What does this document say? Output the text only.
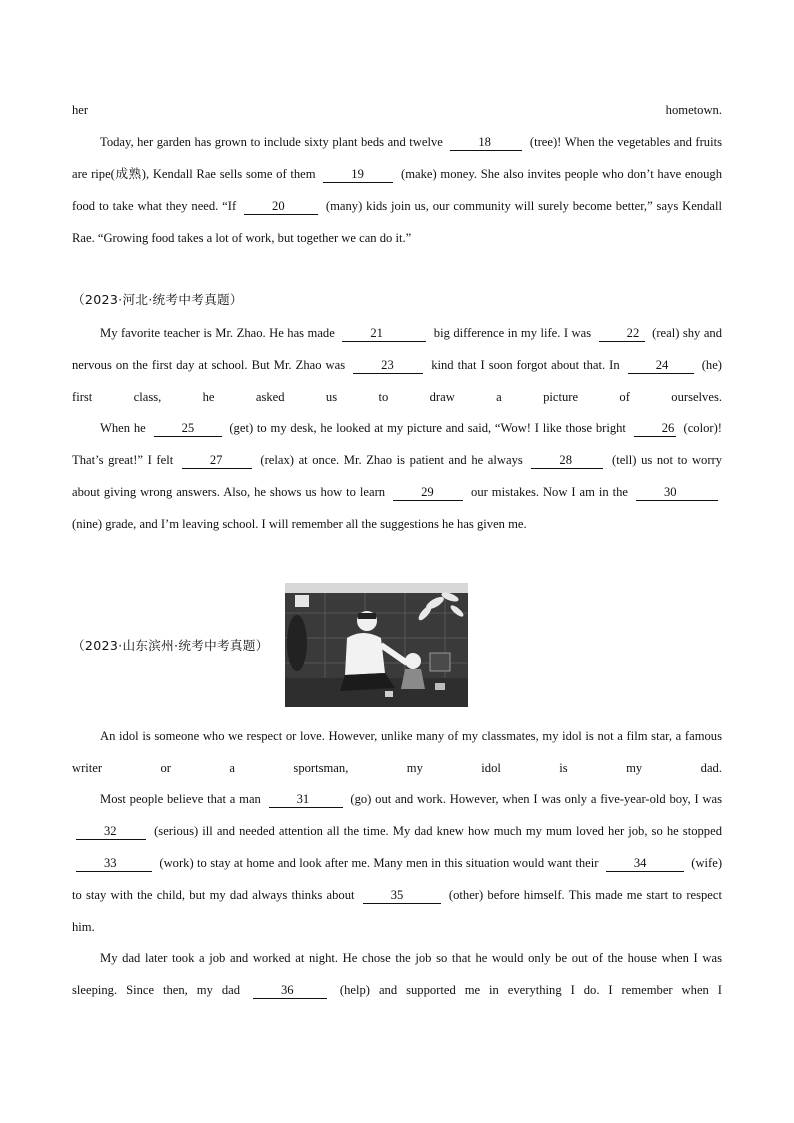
her hometown.

Today, her garden has grown to include sixty plant beds and twelve	18	(tree)! When the vegetables and fruits are ripe(成熟), Kendall Rae sells some of them	19	(make) money. She also invites people who don’t have enough food to take what they need. “If	20	(many) kids join us, our community will surely become better,” says Kendall Rae. “Growing food takes a lot of work, but together we can do it.”

（2023·河北·统考中考真题）

My favorite teacher is Mr. Zhao. He has made	21	big difference in my life. I was	22 (real) shy and nervous on the first day at school. But Mr. Zhao was	23	kind that I soon forgot about that. In	24	(he) first class, he asked us to draw a picture of ourselves.

When he	25	(get) to my desk, he looked at my picture and said, “Wow! I like those bright	26 (color)! That’s great!” I felt	27	(relax) at once. Mr. Zhao is patient and he always	28	(tell) us not to worry about giving wrong answers. Also, he shows us how to learn	29	our mistakes. Now I am in the	30 (nine) grade, and I’m leaving school. I will remember all the suggestions he has given me.

（2023·山东滨州·统考中考真题）

An idol is someone who we respect or love. However, unlike many of my classmates, my idol is not a film star, a famous writer or a sportsman, my idol is my dad.

Most people believe that a man	31	(go) out and work. However, when I was only a five-year-old boy, I was 32	(serious) ill and needed attention all the time. My dad knew how much my mum loved her job, so he stopped 33	(work) to stay at home and look after me. Many men in this situation would want their	34	(wife) to stay with the child, but my dad always thinks about	35	(other) before himself. This made me start to respect him.

My dad later took a job and worked at night. He chose the job so that he would only be out of the house when I was sleeping. Since then, my dad	36	(help) and supported me in everything I do. I remember when I
